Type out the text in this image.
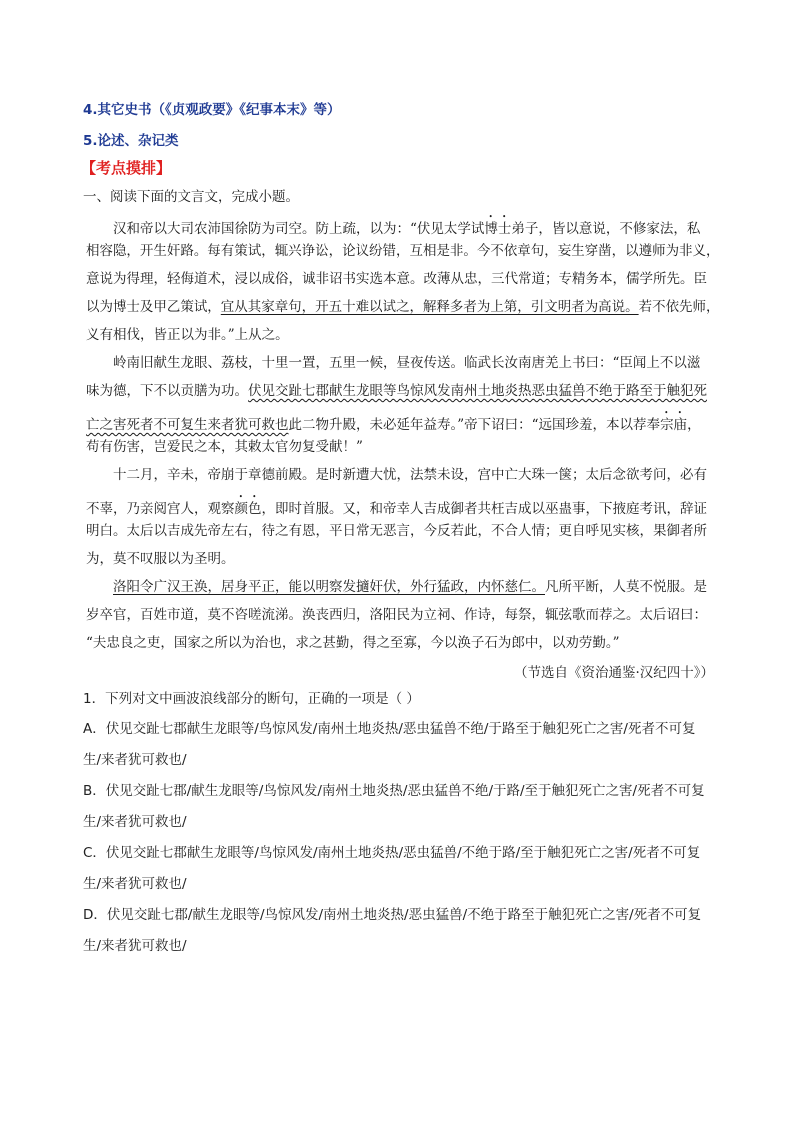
4.其它史书（《贞观政要》《纪事本末》等）
5.论述、杂记类
【考点摸排】
一、阅读下面的文言文，完成小题。
汉和帝以大司农沛国徐防为司空。防上疏，以为：“伏见太学试博士弟子，皆以意说，不修家法，私
相容隐，开生奸路。每有策试，辄兴诤讼，论议纷错，互相是非。今不依章句，妄生穿凿，以遵师为非义，
意说为得理，轻侮道术，浸以成俗，诚非诏书实选本意。改薄从忠，三代常道；专精务本，儒学所先。臣
以为博士及甲乙策试，宜从其家章句，开五十难以试之，解释多者为上第，引文明者为高说。若不依先师，
义有相伐，皆正以为非。”上从之。
岭南旧献生龙眼、荔枝，十里一置，五里一候，昼夜传送。临武长汝南唐羌上书曰：“臣闻上不以滋
味为德，下不以贡膳为功。伏见交趾七郡献生龙眼等鸟惊风发南州土地炎热恶虫猛兽不绝于路至于触犯死
亡之害死者不可复生来者犹可救也此二物升殿，未必延年益寿。”帝下诏曰：“远国珍羞，本以荐奉宗庙，
苟有伤害，岂爱民之本，其敕太官勿复受献！”
十二月，辛未，帝崩于章德前殿。是时新遭大忧，法禁未设，宫中亡大珠一箧；太后念欲考问，必有
不辜，乃亲阅宫人，观察颜色，即时首服。又，和帝幸人吉成御者共枉吉成以巫蛊事，下掖庭考讯，辞证
明白。太后以吉成先帝左右，待之有恩，平日常无恶言，今反若此，不合人情；更自呼见实核，果御者所
为，莫不叹服以为圣明。
洛阳令广汉王涣，居身平正，能以明察发擿奸伏，外行猛政，内怀慈仁。凡所平断，人莫不悦服。是
岁卒官，百姓市道，莫不咨嗟流涕。涣丧西归，洛阳民为立祠、作诗，每祭，辄弦歌而荐之。太后诏曰：
“夫忠良之吏，国家之所以为治也，求之甚勤，得之至寡，今以涣子石为郎中，以劝劳勤。”
（节选自《资治通鉴·汉纪四十》）
1．下列对文中画波浪线部分的断句，正确的一项是（ ）
A．伏见交趾七郡献生龙眼等/鸟惊风发/南州土地炎热/恶虫猛兽不绝/于路至于触犯死亡之害/死者不可复
生/来者犹可救也/
B．伏见交趾七郡/献生龙眼等/鸟惊风发/南州土地炎热/恶虫猛兽不绝/于路/至于触犯死亡之害/死者不可复
生/来者犹可救也/
C．伏见交趾七郡献生龙眼等/鸟惊风发/南州土地炎热/恶虫猛兽/不绝于路/至于触犯死亡之害/死者不可复
生/来者犹可救也/
D．伏见交趾七郡/献生龙眼等/鸟惊风发/南州土地炎热/恶虫猛兽/不绝于路至于触犯死亡之害/死者不可复
生/来者犹可救也/
